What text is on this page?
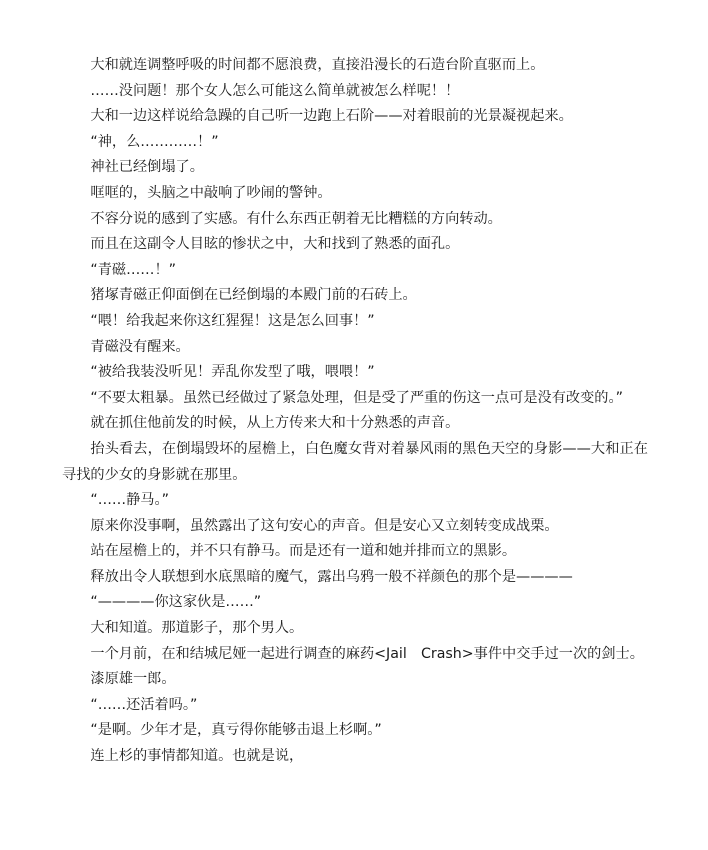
大和就连调整呼吸的时间都不愿浪费，直接沿漫长的石造台阶直驱而上。

……没问题！那个女人怎么可能这么简单就被怎么样呢！！

大和一边这样说给急躁的自己听一边跑上石阶——对着眼前的光景凝视起来。

“神，么…………！”

神社已经倒塌了。

哐哐的，头脑之中敲响了吵闹的警钟。

不容分说的感到了实感。有什么东西正朝着无比糟糕的方向转动。

而且在这副令人目眩的惨状之中，大和找到了熟悉的面孔。

“青磁……！”

猪塚青磁正仰面倒在已经倒塌的本殿门前的石砖上。

“喂！给我起来你这红猩猩！这是怎么回事！”

青磁没有醒来。

“被给我装没听见！弄乱你发型了哦，喂喂！”

“不要太粗暴。虽然已经做过了紧急处理，但是受了严重的伤这一点可是没有改变的。”

就在抓住他前发的时候，从上方传来大和十分熟悉的声音。

抬头看去，在倒塌毁坏的屋檐上，白色魔女背对着暴风雨的黑色天空的身影——大和正在寻找的少女的身影就在那里。

“……静马。”

原来你没事啊，虽然露出了这句安心的声音。但是安心又立刻转变成战栗。

站在屋檐上的，并不只有静马。而是还有一道和她并排而立的黑影。

释放出令人联想到水底黑暗的魔气，露出乌鸦一般不祥颜色的那个是————

“————你这家伙是……”

大和知道。那道影子，那个男人。

一个月前，在和结城尼娅一起进行调查的麻药<Jail　Crash>事件中交手过一次的剑士。

漆原雄一郎。

“……还活着吗。”

“是啊。少年才是，真亏得你能够击退上杉啊。”

连上杉的事情都知道。也就是说，
